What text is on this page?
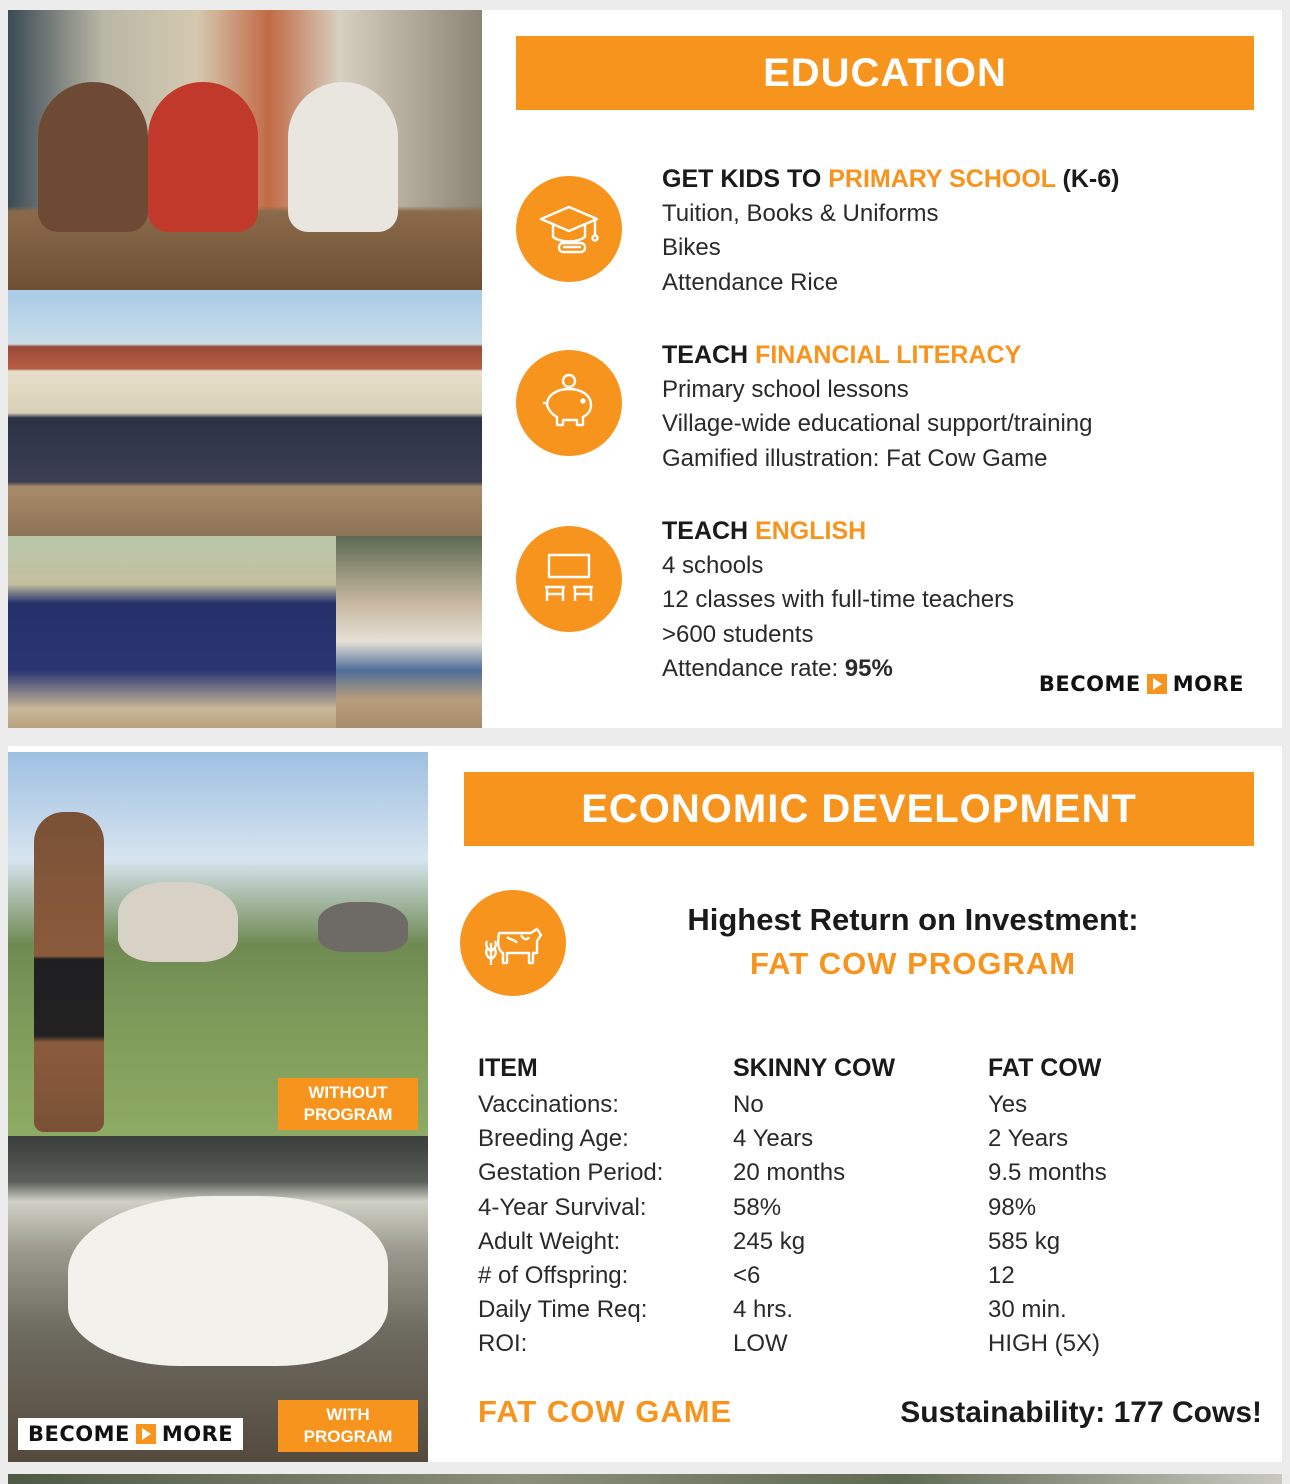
EDUCATION
GET KIDS TO PRIMARY SCHOOL (K-6)
Tuition, Books & Uniforms
Bikes
Attendance Rice
TEACH FINANCIAL LITERACY
Primary school lessons
Village-wide educational support/training
Gamified illustration: Fat Cow Game
TEACH ENGLISH
4 schools
12 classes with full-time teachers
>600 students
Attendance rate: 95%
BECOME MORE
WITHOUT PROGRAM
WITH PROGRAM
BECOME MORE
ECONOMIC DEVELOPMENT
Highest Return on Investment:
FAT COW PROGRAM
ITEM	SKINNY COW	FAT COW
Vaccinations:	No	Yes
Breeding Age:	4 Years	2 Years
Gestation Period:	20 months	9.5 months
4-Year Survival:	58%	98%
Adult Weight:	245 kg	585 kg
# of Offspring:	<6	12
Daily Time Req:	4 hrs.	30 min.
ROI:	LOW	HIGH (5X)
FAT COW GAME	Sustainability: 177 Cows!
